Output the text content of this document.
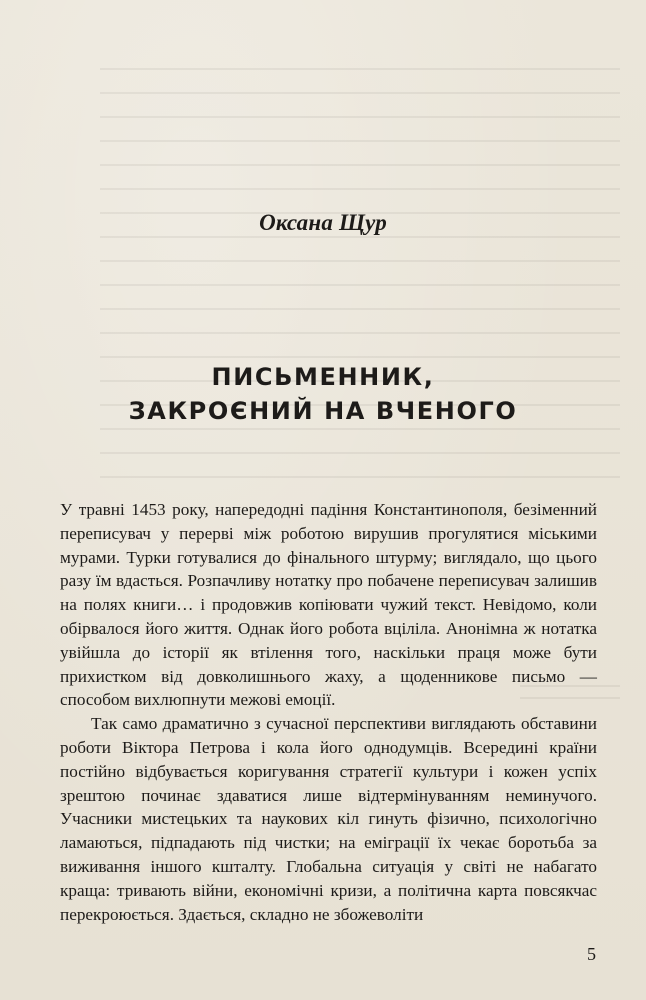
Оксана Щур
ПИСЬМЕННИК,
ЗАКРОЄНИЙ НА ВЧЕНОГО

У травні 1453 року, напередодні падіння Константинополя, безіменний переписувач у перерві між роботою вирушив прогулятися міськими мурами. Турки готувалися до фінального штурму; виглядало, що цього разу їм вдасться. Розпачливу нотатку про побачене переписувач залишив на полях книги… і продовжив копіювати чужий текст. Невідомо, коли обірвалося його життя. Однак його робота вціліла. Анонімна ж нотатка увійшла до історії як втілення того, наскільки праця може бути прихистком від довколишнього жаху, а щоденникове письмо — способом вихлюпнути межові емоції.

Так само драматично з сучасної перспективи виглядають обставини роботи Віктора Петрова і кола його однодумців. Всередині країни постійно відбувається коригування стратегії культури і кожен успіх зрештою починає здаватися лише відтермінуванням неминучого. Учасники мистецьких та наукових кіл гинуть фізично, психологічно ламаються, підпадають під чистки; на еміграції їх чекає боротьба за виживання іншого кшталту. Глобальна ситуація у світі не набагато краща: тривають війни, економічні кризи, а політична карта повсякчас перекроюється. Здається, складно не збожеволіти

5
